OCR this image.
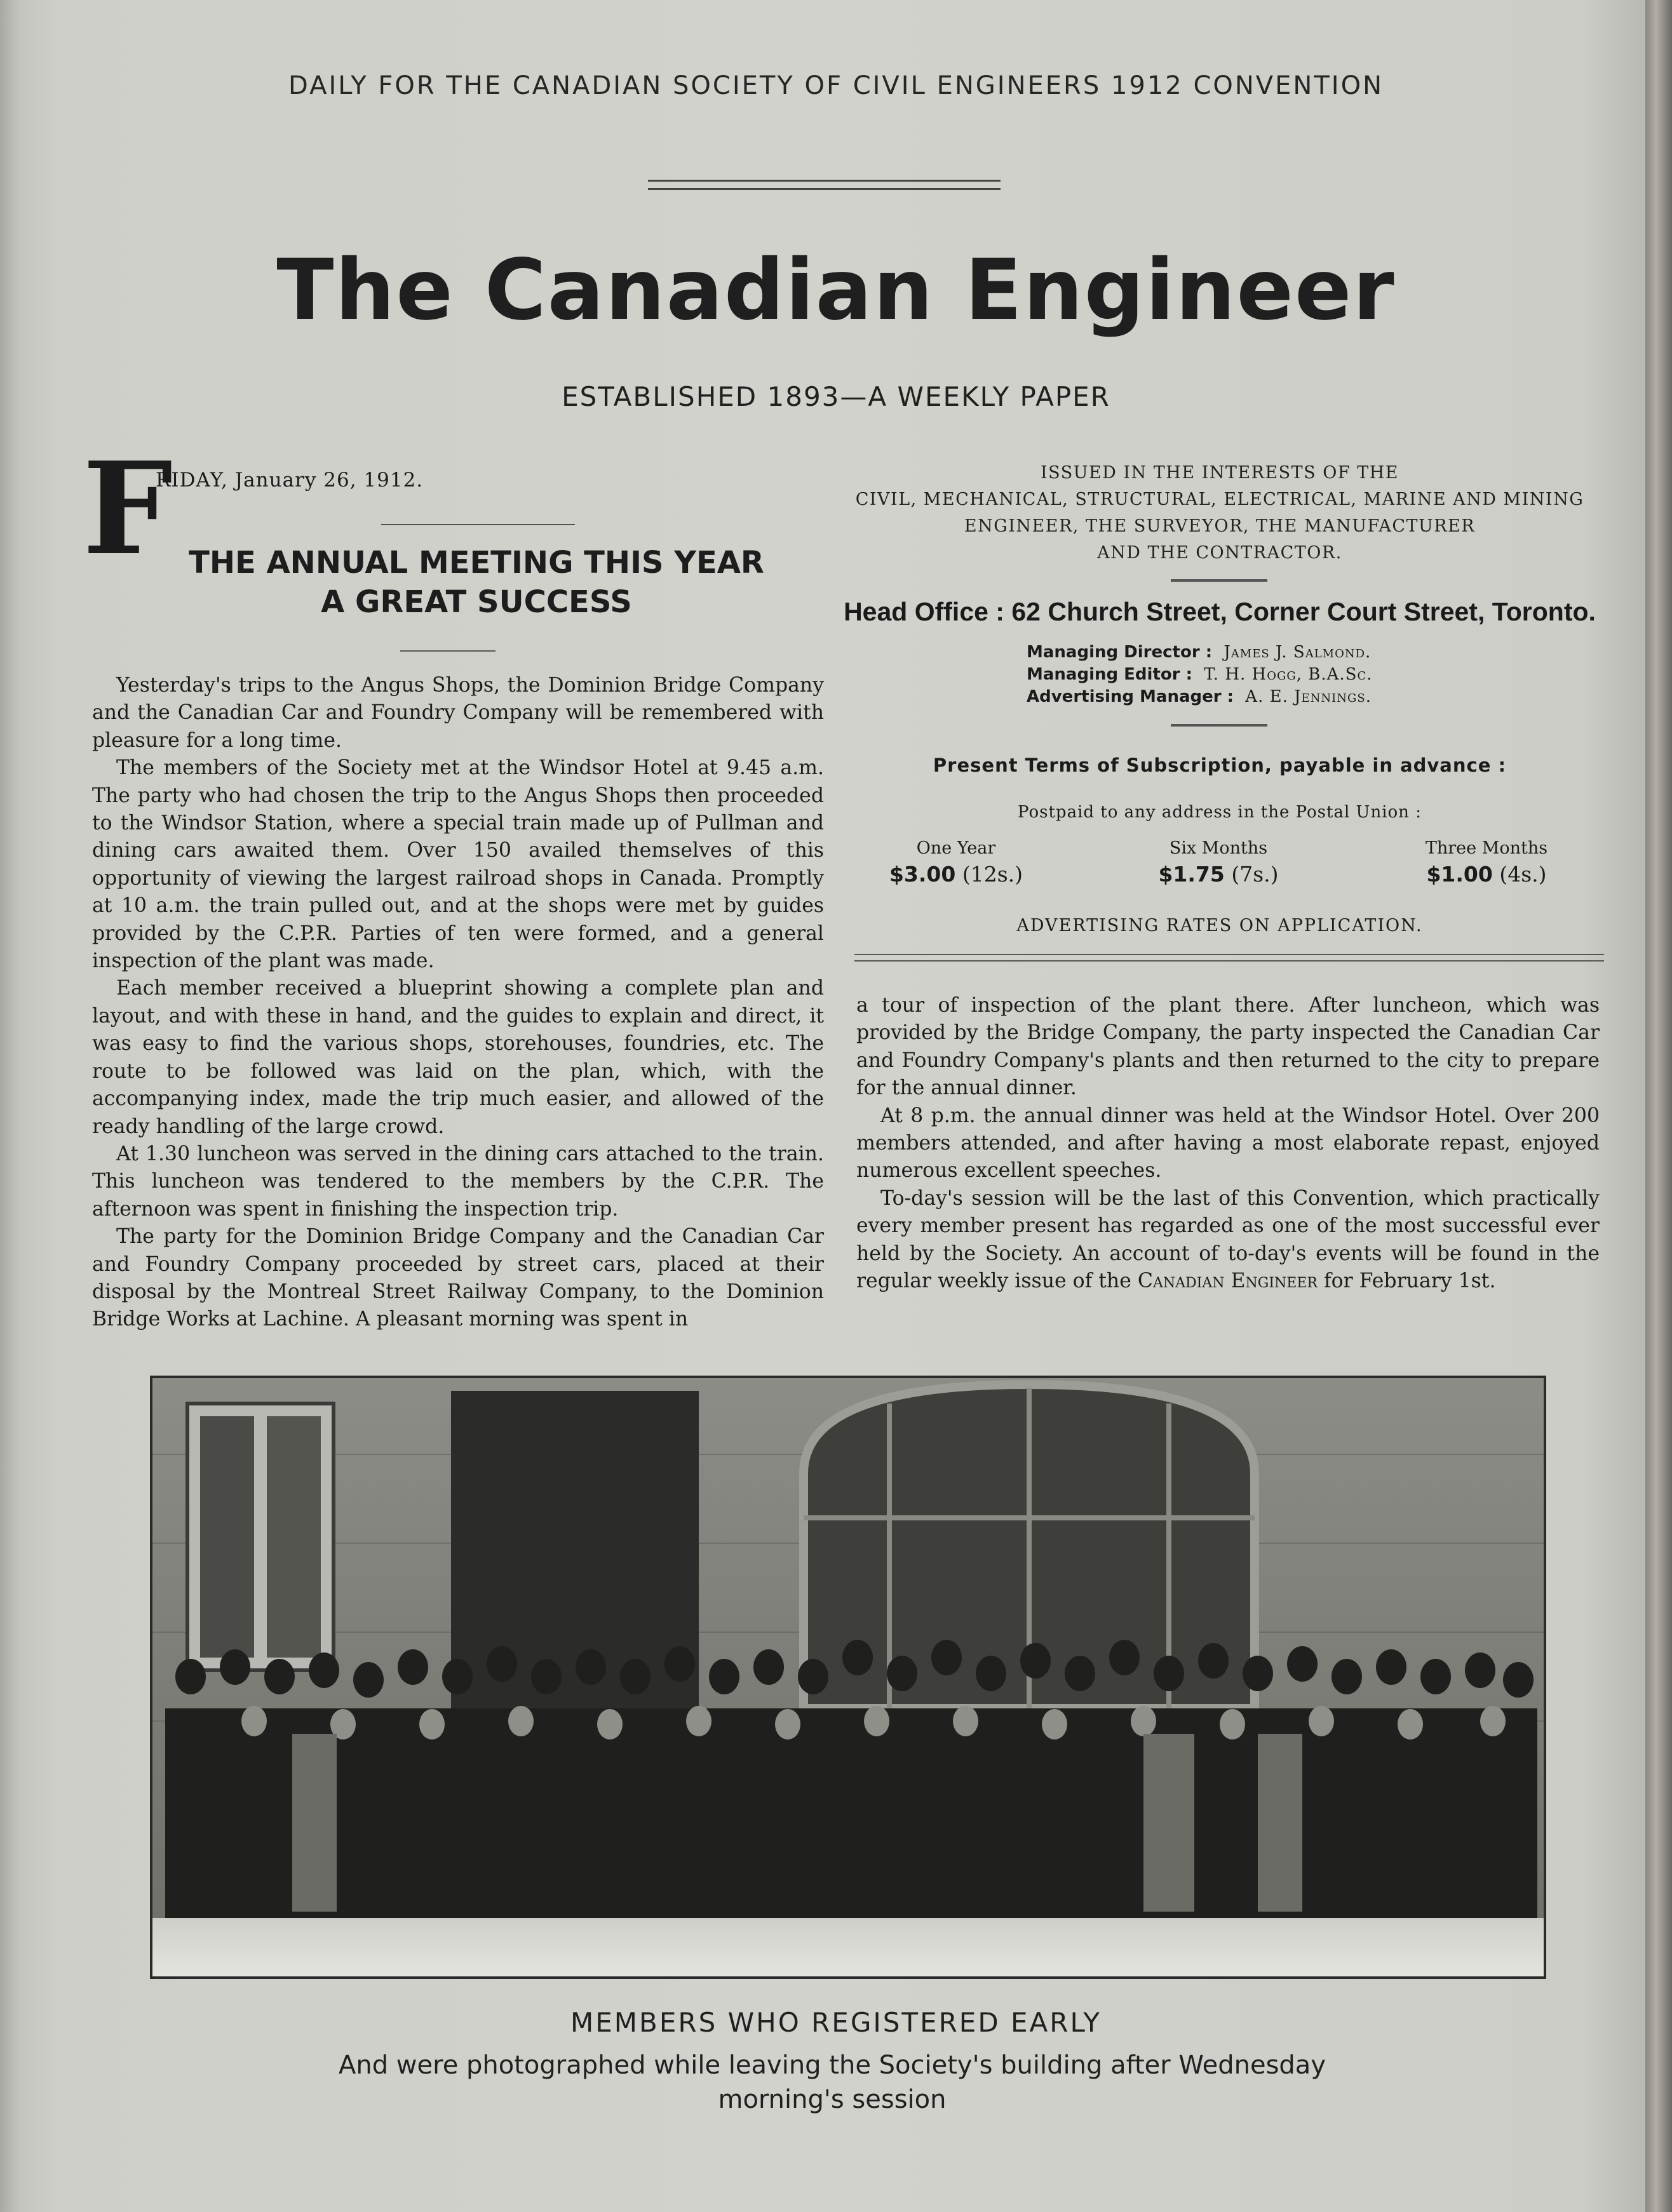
DAILY FOR THE CANADIAN SOCIETY OF CIVIL ENGINEERS 1912 CONVENTION
The Canadian Engineer
ESTABLISHED 1893—A WEEKLY PAPER
F
RIDAY, January 26, 1912.
THE ANNUAL MEETING THIS YEAR
A GREAT SUCCESS

Yesterday's trips to the Angus Shops, the Dominion Bridge Company and the Canadian Car and Foundry Company will be remembered with pleasure for a long time.

The members of the Society met at the Windsor Hotel at 9.45 a.m. The party who had chosen the trip to the Angus Shops then proceeded to the Windsor Station, where a special train made up of Pullman and dining cars awaited them. Over 150 availed themselves of this opportunity of viewing the largest railroad shops in Canada. Promptly at 10 a.m. the train pulled out, and at the shops were met by guides provided by the C.P.R. Parties of ten were formed, and a general inspection of the plant was made.

Each member received a blueprint showing a complete plan and layout, and with these in hand, and the guides to explain and direct, it was easy to find the various shops, storehouses, foundries, etc. The route to be followed was laid on the plan, which, with the accompanying index, made the trip much easier, and allowed of the ready handling of the large crowd.

At 1.30 luncheon was served in the dining cars attached to the train. This luncheon was tendered to the members by the C.P.R. The afternoon was spent in finishing the inspection trip.

The party for the Dominion Bridge Company and the Canadian Car and Foundry Company proceeded by street cars, placed at their disposal by the Montreal Street Railway Company, to the Dominion Bridge Works at Lachine. A pleasant morning was spent in

ISSUED IN THE INTERESTS OF THE
CIVIL, MECHANICAL, STRUCTURAL, ELECTRICAL, MARINE AND MINING
ENGINEER, THE SURVEYOR, THE MANUFACTURER
AND THE CONTRACTOR.
Head Office : 62 Church Street, Corner Court Street, Toronto.
Managing Director : James J. Salmond.
Managing Editor : T. H. Hogg, B.A.Sc.
Advertising Manager : A. E. Jennings.
Present Terms of Subscription, payable in advance :
Postpaid to any address in the Postal Union :
One Year
$3.00 (12s.)
Six Months
$1.75 (7s.)
Three Months
$1.00 (4s.)
ADVERTISING RATES ON APPLICATION.

a tour of inspection of the plant there. After luncheon, which was provided by the Bridge Company, the party inspected the Canadian Car and Foundry Company's plants and then returned to the city to prepare for the annual dinner.

At 8 p.m. the annual dinner was held at the Windsor Hotel. Over 200 members attended, and after having a most elaborate repast, enjoyed numerous excellent speeches.

To-day's session will be the last of this Convention, which practically every member present has regarded as one of the most successful ever held by the Society. An account of to-day's events will be found in the regular weekly issue of the Canadian Engineer for February 1st.

MEMBERS WHO REGISTERED EARLY
And were photographed while leaving the Society's building after Wednesday morning's session
